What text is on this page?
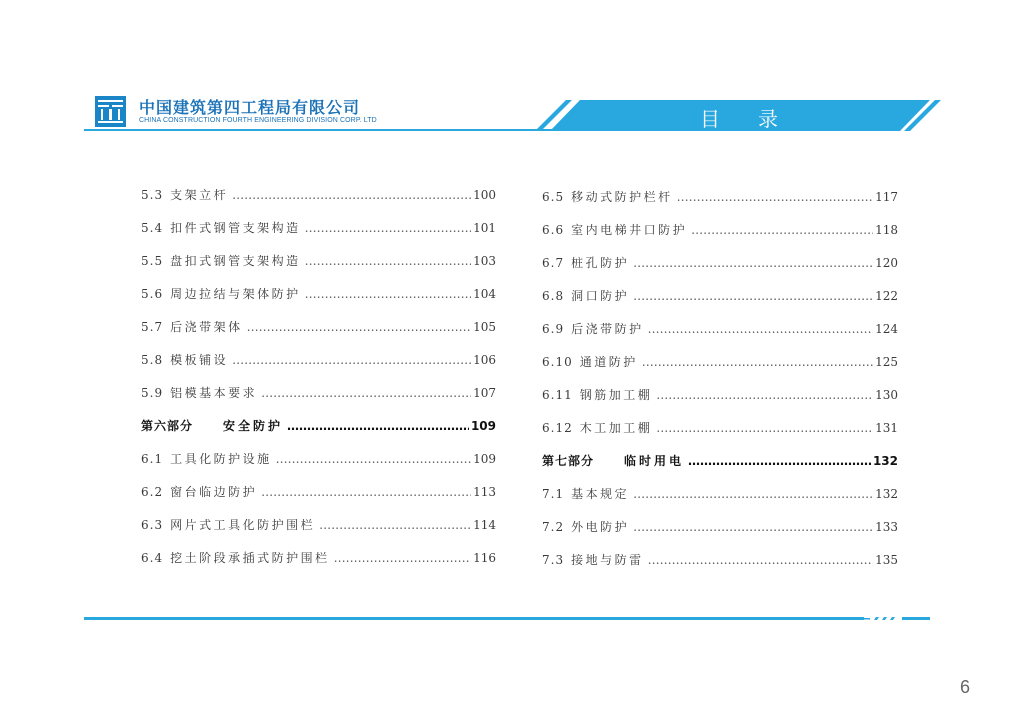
中国建筑第四工程局有限公司
CHINA CONSTRUCTION FOURTH ENGINEERING DIVISION CORP. LTD	目 录
5.3 支架立杆 ……………………………………………………………………………………………………………………	100
5.4 扣件式钢管支架构造 ……………………………………………………………………………………………………………………	101
5.5 盘扣式钢管支架构造 ……………………………………………………………………………………………………………………	103
5.6 周边拉结与架体防护 ……………………………………………………………………………………………………………………	104
5.7 后浇带架体 ……………………………………………………………………………………………………………………	105
5.8 模板铺设 ……………………………………………………………………………………………………………………	106
5.9 铝模基本要求 ……………………………………………………………………………………………………………………	107
第六部分	安全防护 ……………………………………………………………………………………………………………………	109
6.1 工具化防护设施 ……………………………………………………………………………………………………………………	109
6.2 窗台临边防护 ……………………………………………………………………………………………………………………	113
6.3 网片式工具化防护围栏 ……………………………………………………………………………………………………………………	114
6.4 挖土阶段承插式防护围栏 ……………………………………………………………………………………………………………………	116
6.5 移动式防护栏杆 ……………………………………………………………………………………………………………………	117
6.6 室内电梯井口防护 ……………………………………………………………………………………………………………………	118
6.7 桩孔防护 ……………………………………………………………………………………………………………………	120
6.8 洞口防护 ……………………………………………………………………………………………………………………	122
6.9 后浇带防护 ……………………………………………………………………………………………………………………	124
6.10 通道防护 ……………………………………………………………………………………………………………………	125
6.11 钢筋加工棚 ……………………………………………………………………………………………………………………	130
6.12 木工加工棚 ……………………………………………………………………………………………………………………	131
第七部分	临时用电 ……………………………………………………………………………………………………………………	132
7.1 基本规定 ……………………………………………………………………………………………………………………	132
7.2 外电防护 ……………………………………………………………………………………………………………………	133
7.3 接地与防雷 ……………………………………………………………………………………………………………………	135
6
